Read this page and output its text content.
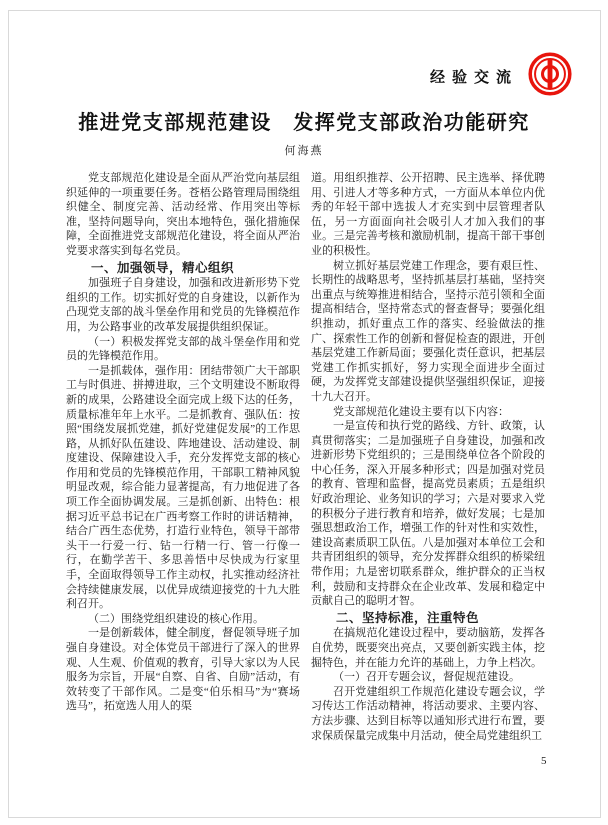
经验交流
推进党支部规范建设　发挥党支部政治功能研究
何海燕

党支部规范化建设是全面从严治党向基层组织延伸的一项重要任务。苍梧公路管理局围绕组织健全、制度完善、活动经常、作用突出等标准，坚持问题导向，突出本地特色，强化措施保障，全面推进党支部规范化建设，将全面从严治党要求落实到每名党员。

一、加强领导，精心组织

加强班子自身建设，加强和改进新形势下党组织的工作。切实抓好党的自身建设，以新作为凸现党支部的战斗堡垒作用和党员的先锋模范作用，为公路事业的改革发展提供组织保证。

（一）积极发挥党支部的战斗堡垒作用和党员的先锋模范作用。

一是抓载体，强作用：团结带领广大干部职工与时俱进、拼搏进取，三个文明建设不断取得新的成果，公路建设全面完成上级下达的任务，质量标准年年上水平。二是抓教育、强队伍：按照“围绕发展抓党建，抓好党建促发展”的工作思路，从抓好队伍建设、阵地建设、活动建设、制度建设、保障建设入手，充分发挥党支部的核心作用和党员的先锋模范作用，干部职工精神风貌明显改观，综合能力显著提高，有力地促进了各项工作全面协调发展。三是抓创新、出特色：根据习近平总书记在广西考察工作时的讲话精神，结合广西生态优势，打造行业特色，领导干部带头干一行爱一行、钻一行精一行、管一行像一行，在勤学苦干、多思善悟中尽快成为行家里手，全面取得领导工作主动权，扎实推动经济社会持续健康发展，以优异成绩迎接党的十九大胜利召开。

（二）围绕党组织建设的核心作用。

一是创新载体，健全制度，督促领导班子加强自身建设。对全体党员干部进行了深入的世界观、人生观、价值观的教育，引导大家以为人民服务为宗旨，开展“自察、自省、自励”活动，有效转变了干部作风。二是变“伯乐相马”为“赛场选马”，拓宽选人用人的渠

道。用组织推荐、公开招聘、民主选举、择优聘用、引进人才等多种方式，一方面从本单位内优秀的年轻干部中选拔人才充实到中层管理者队伍，另一方面面向社会吸引人才加入我们的事业。三是完善考核和激励机制，提高干部干事创业的积极性。

树立抓好基层党建工作理念，要有艰巨性、长期性的战略思考，坚持抓基层打基础，坚持突出重点与统筹推进相结合，坚持示范引领和全面提高相结合，坚持常态式的督查督导；要强化组织推动，抓好重点工作的落实、经验做法的推广、探索性工作的创新和督促检查的跟进，开创基层党建工作新局面；要强化责任意识，把基层党建工作抓实抓好，努力实现全面进步全面过硬，为发挥党支部建设提供坚强组织保证，迎接十九大召开。

党支部规范化建设主要有以下内容：

一是宣传和执行党的路线、方针、政策，认真贯彻落实；二是加强班子自身建设，加强和改进新形势下党组织的；三是围绕单位各个阶段的中心任务，深入开展多种形式；四是加强对党员的教育、管理和监督，提高党员素质；五是组织好政治理论、业务知识的学习；六是对要求入党的积极分子进行教育和培养，做好发展；七是加强思想政治工作，增强工作的针对性和实效性，建设高素质职工队伍。八是加强对本单位工会和共青团组织的领导，充分发挥群众组织的桥梁纽带作用；九是密切联系群众，维护群众的正当权利，鼓励和支持群众在企业改革、发展和稳定中贡献自己的聪明才智。

二、坚持标准，注重特色

在搞规范化建设过程中，要动脑筋，发挥各自优势，既要突出亮点，又要创新实践主体，挖掘特色，并在能力允许的基础上，力争上档次。

（一）召开专题会议，督促规范建设。

召开党建组织工作规范化建设专题会议，学习传达工作活动精神，将活动要求、主要内容、方法步骤、达到目标等以通知形式进行布置，要求保质保量完成集中月活动，使全局党建组织工

5
